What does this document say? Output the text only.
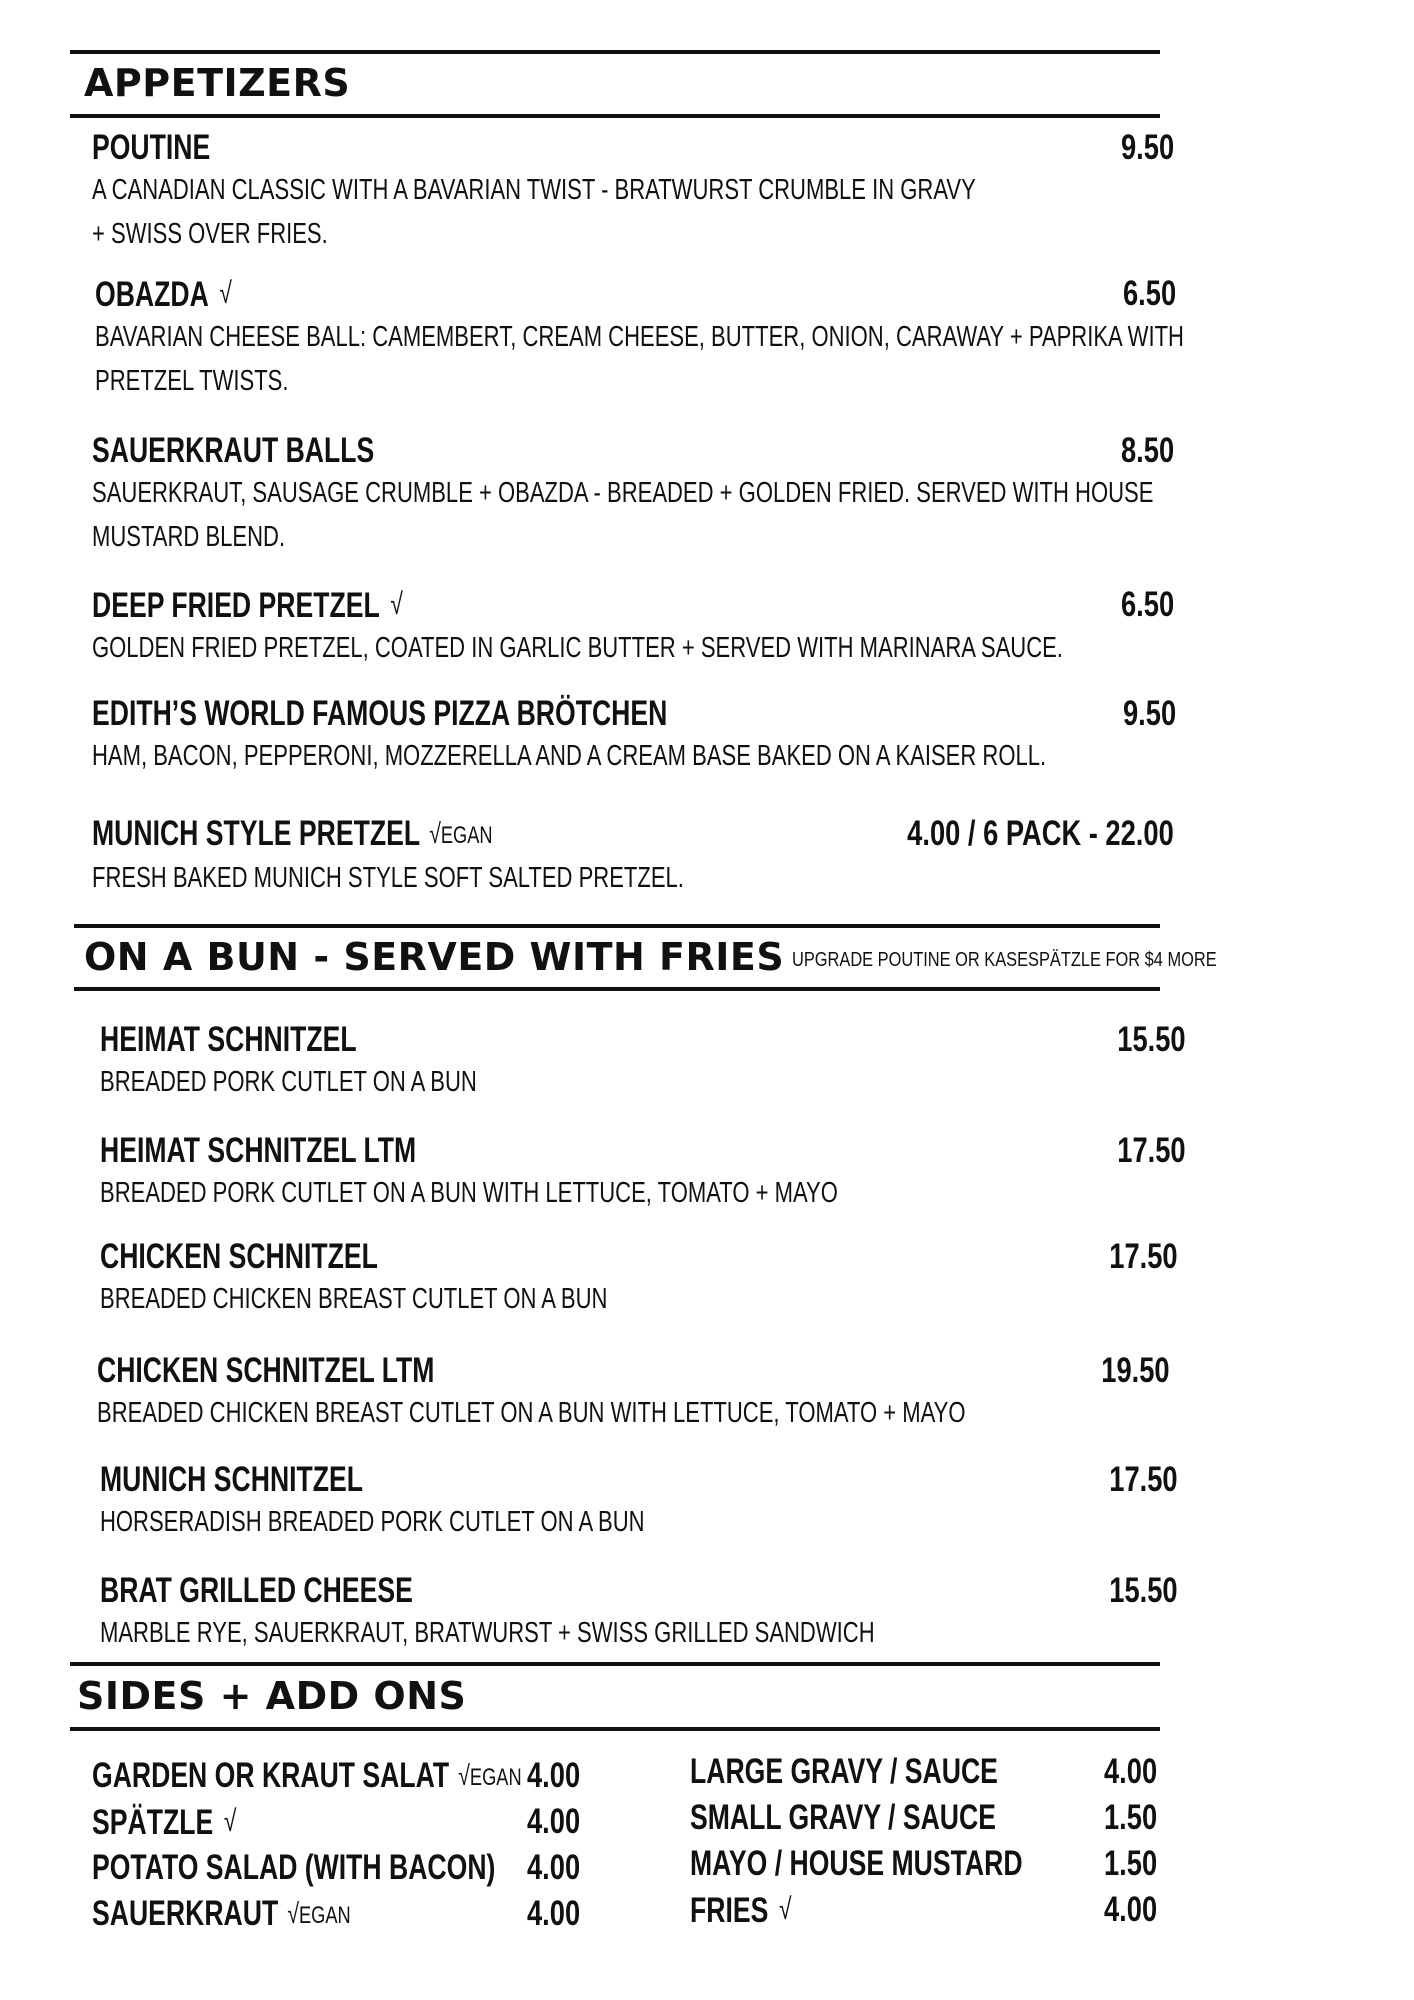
APPETIZERS
POUTINE
A CANADIAN CLASSIC WITH A BAVARIAN TWIST - BRATWURST CRUMBLE IN GRAVY
+ SWISS OVER FRIES.
9.50
OBAZDA √
BAVARIAN CHEESE BALL: CAMEMBERT, CREAM CHEESE, BUTTER, ONION, CARAWAY + PAPRIKA WITH
PRETZEL TWISTS.
6.50
SAUERKRAUT BALLS
SAUERKRAUT, SAUSAGE CRUMBLE + OBAZDA - BREADED + GOLDEN FRIED. SERVED WITH HOUSE
MUSTARD BLEND.
8.50
DEEP FRIED PRETZEL √
GOLDEN FRIED PRETZEL, COATED IN GARLIC BUTTER + SERVED WITH MARINARA SAUCE.
6.50
EDITH’S WORLD FAMOUS PIZZA BRÖTCHEN
HAM, BACON, PEPPERONI, MOZZERELLA AND A CREAM BASE BAKED ON A KAISER ROLL.
9.50
MUNICH STYLE PRETZEL √EGAN
FRESH BAKED MUNICH STYLE SOFT SALTED PRETZEL.
4.00 / 6 PACK - 22.00
ON A BUN - SERVED WITH FRIES UPGRADE POUTINE OR KASESPÄTZLE FOR $4 MORE
HEIMAT SCHNITZEL
BREADED PORK CUTLET ON A BUN
15.50
HEIMAT SCHNITZEL LTM
BREADED PORK CUTLET ON A BUN WITH LETTUCE, TOMATO + MAYO
17.50
CHICKEN SCHNITZEL
BREADED CHICKEN BREAST CUTLET ON A BUN
17.50
CHICKEN SCHNITZEL LTM
BREADED CHICKEN BREAST CUTLET ON A BUN WITH LETTUCE, TOMATO + MAYO
19.50
MUNICH SCHNITZEL
HORSERADISH BREADED PORK CUTLET ON A BUN
17.50
BRAT GRILLED CHEESE
MARBLE RYE, SAUERKRAUT, BRATWURST + SWISS GRILLED SANDWICH
15.50
SIDES + ADD ONS
GARDEN OR KRAUT SALAT √EGAN 4.00
SPÄTZLE √	4.00
POTATO SALAD (WITH BACON) 4.00
SAUERKRAUT √EGAN	4.00
LARGE GRAVY / SAUCE	4.00
SMALL GRAVY / SAUCE	1.50
MAYO / HOUSE MUSTARD	1.50
FRIES √	4.00
